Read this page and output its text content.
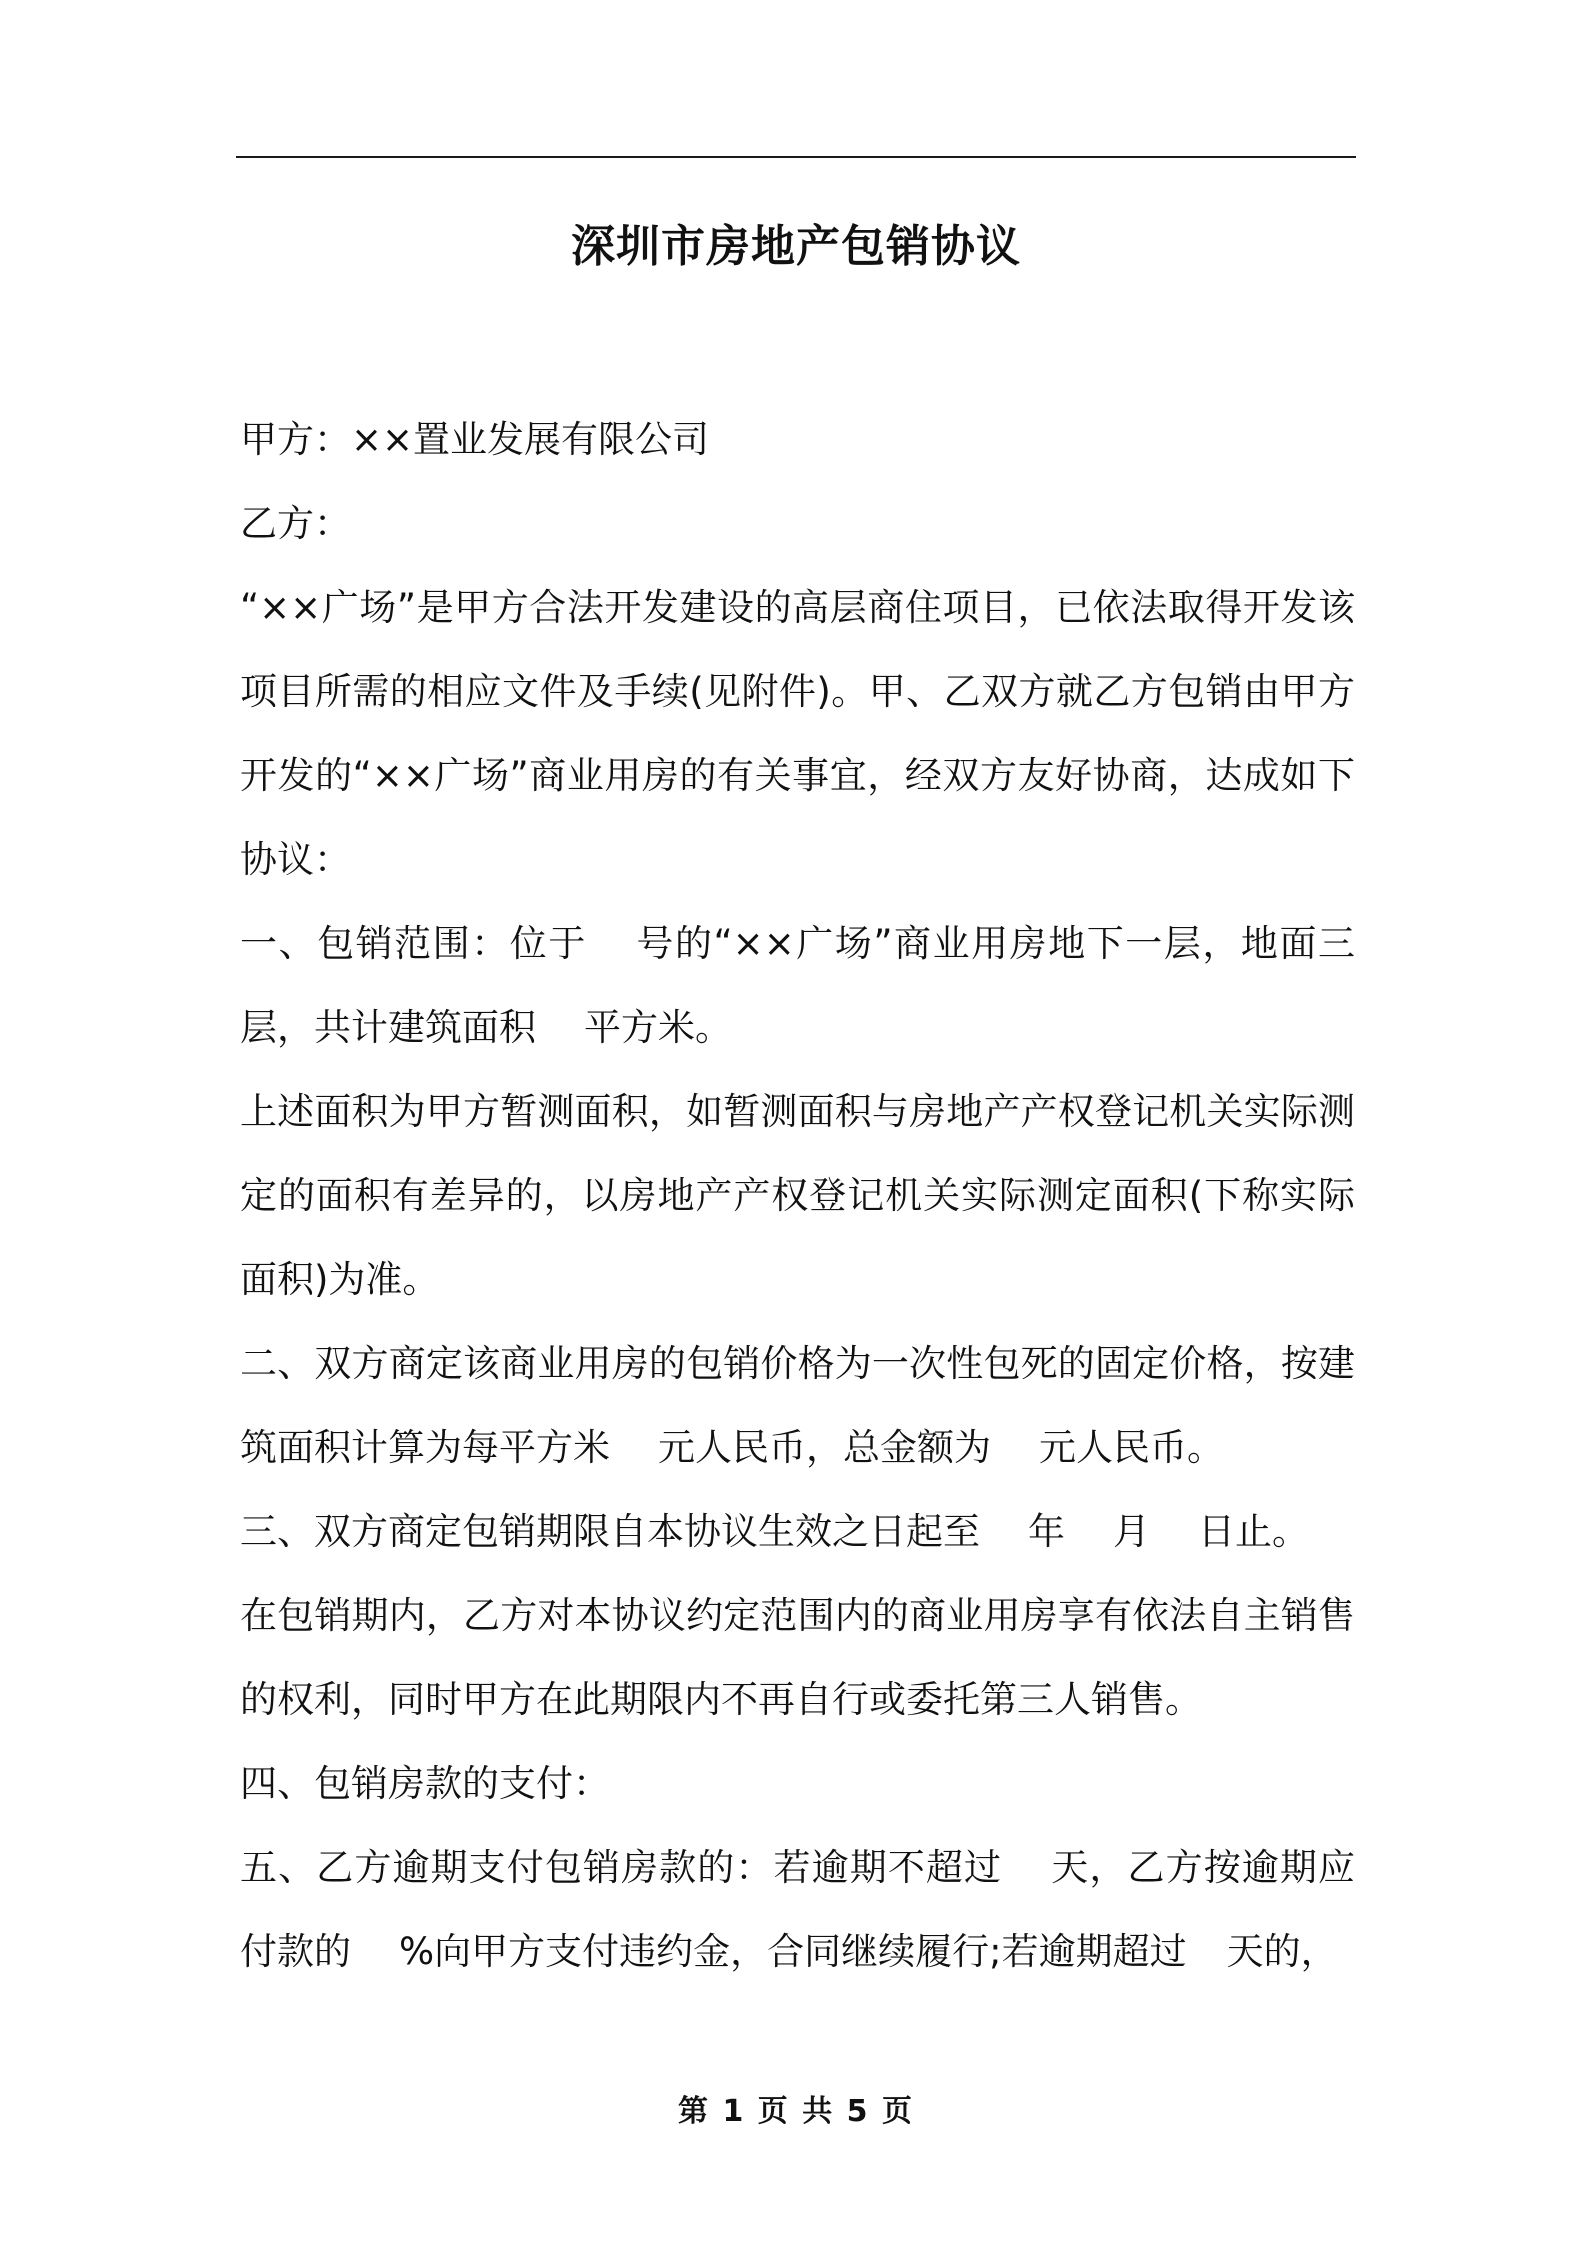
深圳市房地产包销协议

甲方：××置业发展有限公司

乙方：

“××广场”是甲方合法开发建设的高层商住项目，已依法取得开发该项目所需的相应文件及手续(见附件)。甲、乙双方就乙方包销由甲方开发的“××广场”商业用房的有关事宜，经双方友好协商，达成如下协议：

一、包销范围：位于 号的“××广场”商业用房地下一层，地面三层，共计建筑面积 平方米。

上述面积为甲方暂测面积，如暂测面积与房地产产权登记机关实际测定的面积有差异的，以房地产产权登记机关实际测定面积(下称实际面积)为准。

二、双方商定该商业用房的包销价格为一次性包死的固定价格，按建筑面积计算为每平方米 元人民币，总金额为 元人民币。

三、双方商定包销期限自本协议生效之日起至 年 月 日止。

在包销期内，乙方对本协议约定范围内的商业用房享有依法自主销售的权利，同时甲方在此期限内不再自行或委托第三人销售。

四、包销房款的支付：

五、乙方逾期支付包销房款的：若逾期不超过 天，乙方按逾期应付款的 %向甲方支付违约金，合同继续履行;若逾期超过 天的，

第 1 页 共 5 页
